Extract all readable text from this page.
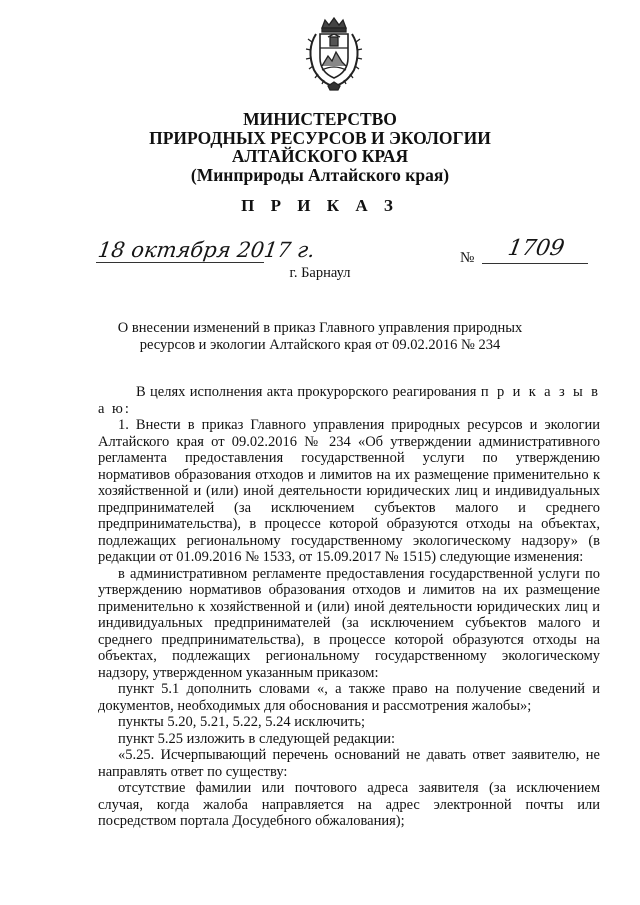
МИНИСТЕРСТВО
ПРИРОДНЫХ РЕСУРСОВ И ЭКОЛОГИИ
АЛТАЙСКОГО КРАЯ
(Минприроды Алтайского края)
П Р И К А З
18 октября 2017 г.	№	1709
г. Барнаул
О внесении изменений в приказ Главного управления природных
ресурсов и экологии Алтайского края от 09.02.2016 № 234

В целях исполнения акта прокурорского реагирования п р и к а з ы в а ю:

1. Внести в приказ Главного управления природных ресурсов и экологии Алтайского края от 09.02.2016 № 234 «Об утверждении административного регламента предоставления государственной услуги по утверждению нормативов образования отходов и лимитов на их размещение применительно к хозяйственной и (или) иной деятельности юридических лиц и индивидуальных предпринимателей (за исключением субъектов малого и среднего предпринимательства), в процессе которой образуются отходы на объектах, подлежащих региональному государственному экологическому надзору» (в редакции от 01.09.2016 № 1533, от 15.09.2017 № 1515) следующие изменения:

в административном регламенте предоставления государственной услуги по утверждению нормативов образования отходов и лимитов на их размещение применительно к хозяйственной и (или) иной деятельности юридических лиц и индивидуальных предпринимателей (за исключением субъектов малого и среднего предпринимательства), в процессе которой образуются отходы на объектах, подлежащих региональному государственному экологическому надзору, утвержденном указанным приказом:

пункт 5.1 дополнить словами «, а также право на получение сведений и документов, необходимых для обоснования и рассмотрения жалобы»;

пункты 5.20, 5.21, 5.22, 5.24 исключить;

пункт 5.25 изложить в следующей редакции:

«5.25. Исчерпывающий перечень оснований не давать ответ заявителю, не направлять ответ по существу:

отсутствие фамилии или почтового адреса заявителя (за исключением случая, когда жалоба направляется на адрес электронной почты или посредством портала Досудебного обжалования);
